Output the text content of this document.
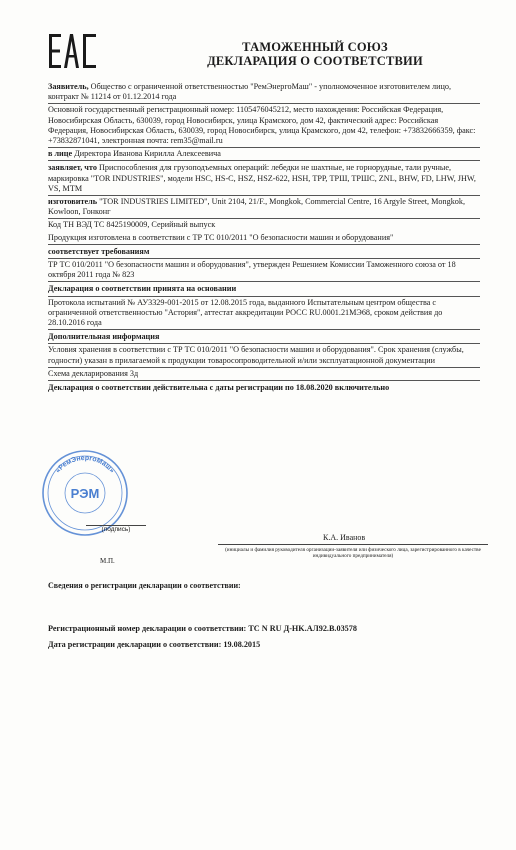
ТАМОЖЕННЫЙ СОЮЗ
ДЕКЛАРАЦИЯ О СООТВЕТСТВИИ
Заявитель, Общество с ограниченной ответственностью "РемЭнергоМаш" - уполномоченное изготовителем лицо, контракт № 11214 от 01.12.2014 года
Основной государственный регистрационный номер: 1105476045212, место нахождения: Российская Федерация, Новосибирская Область, 630039, город Новосибирск, улица Крамского, дом 42, фактический адрес: Российская Федерация, Новосибирская Область, 630039, город Новосибирск, улица Крамского, дом 42, телефон: +73832666359, факс: +73832871041, электронная почта: rem35@mail.ru
в лице Директора Иванова Кирилла Алексеевича
заявляет, что Приспособления для грузоподъемных операций: лебедки не шахтные, не горнорудные, тали ручные, маркировка "TOR INDUSTRIES", модели HSC, HS-C, HSZ, HSZ-622, HSH, ТРР, ТРШ, ТРШС, ZNL, BHW, FD, LHW, JHW, VS, MTM
изготовитель "TOR INDUSTRIES LIMITED", Unit 2104, 21/F., Mongkok, Commercial Centre, 16 Argyle Street, Mongkok, Kowloon, Гонконг
Код ТН ВЭД ТС 8425190009, Серийный выпуск
Продукция изготовлена в соответствии с ТР ТС 010/2011 "О безопасности машин и оборудования"
соответствует требованиям
ТР ТС 010/2011 "О безопасности машин и оборудования", утвержден Решением Комиссии Таможенного союза от 18 октября 2011 года № 823
Декларация о соответствии принята на основании
Протокола испытаний № АУ3329-001-2015 от 12.08.2015 года, выданного Испытательным центром общества с ограниченной ответственностью "Астория", аттестат аккредитации РОСС RU.0001.21МЭ68, сроком действия до 28.10.2016 года
Дополнительная информация
Условия хранения в соответствии с ТР ТС 010/2011 "О безопасности машин и оборудования". Срок хранения (службы, годности) указан в прилагаемой к продукции товаросопроводительной и/или эксплуатационной документации
Схема декларирования 3д
Декларация о соответствии действительна с даты регистрации по 18.08.2020 включительно
«РемЭнергоМаш»
РЭМ
(подпись)
М.П.
К.А. Иванов
(инициалы и фамилия руководителя организации-заявителя или физического лица, зарегистрированного в качестве индивидуального предпринимателя)
Сведения о регистрации декларации о соответствии:
Регистрационный номер декларации о соответствии: ТС N RU Д-HK.АЛ92.В.03578
Дата регистрации декларации о соответствии: 19.08.2015
